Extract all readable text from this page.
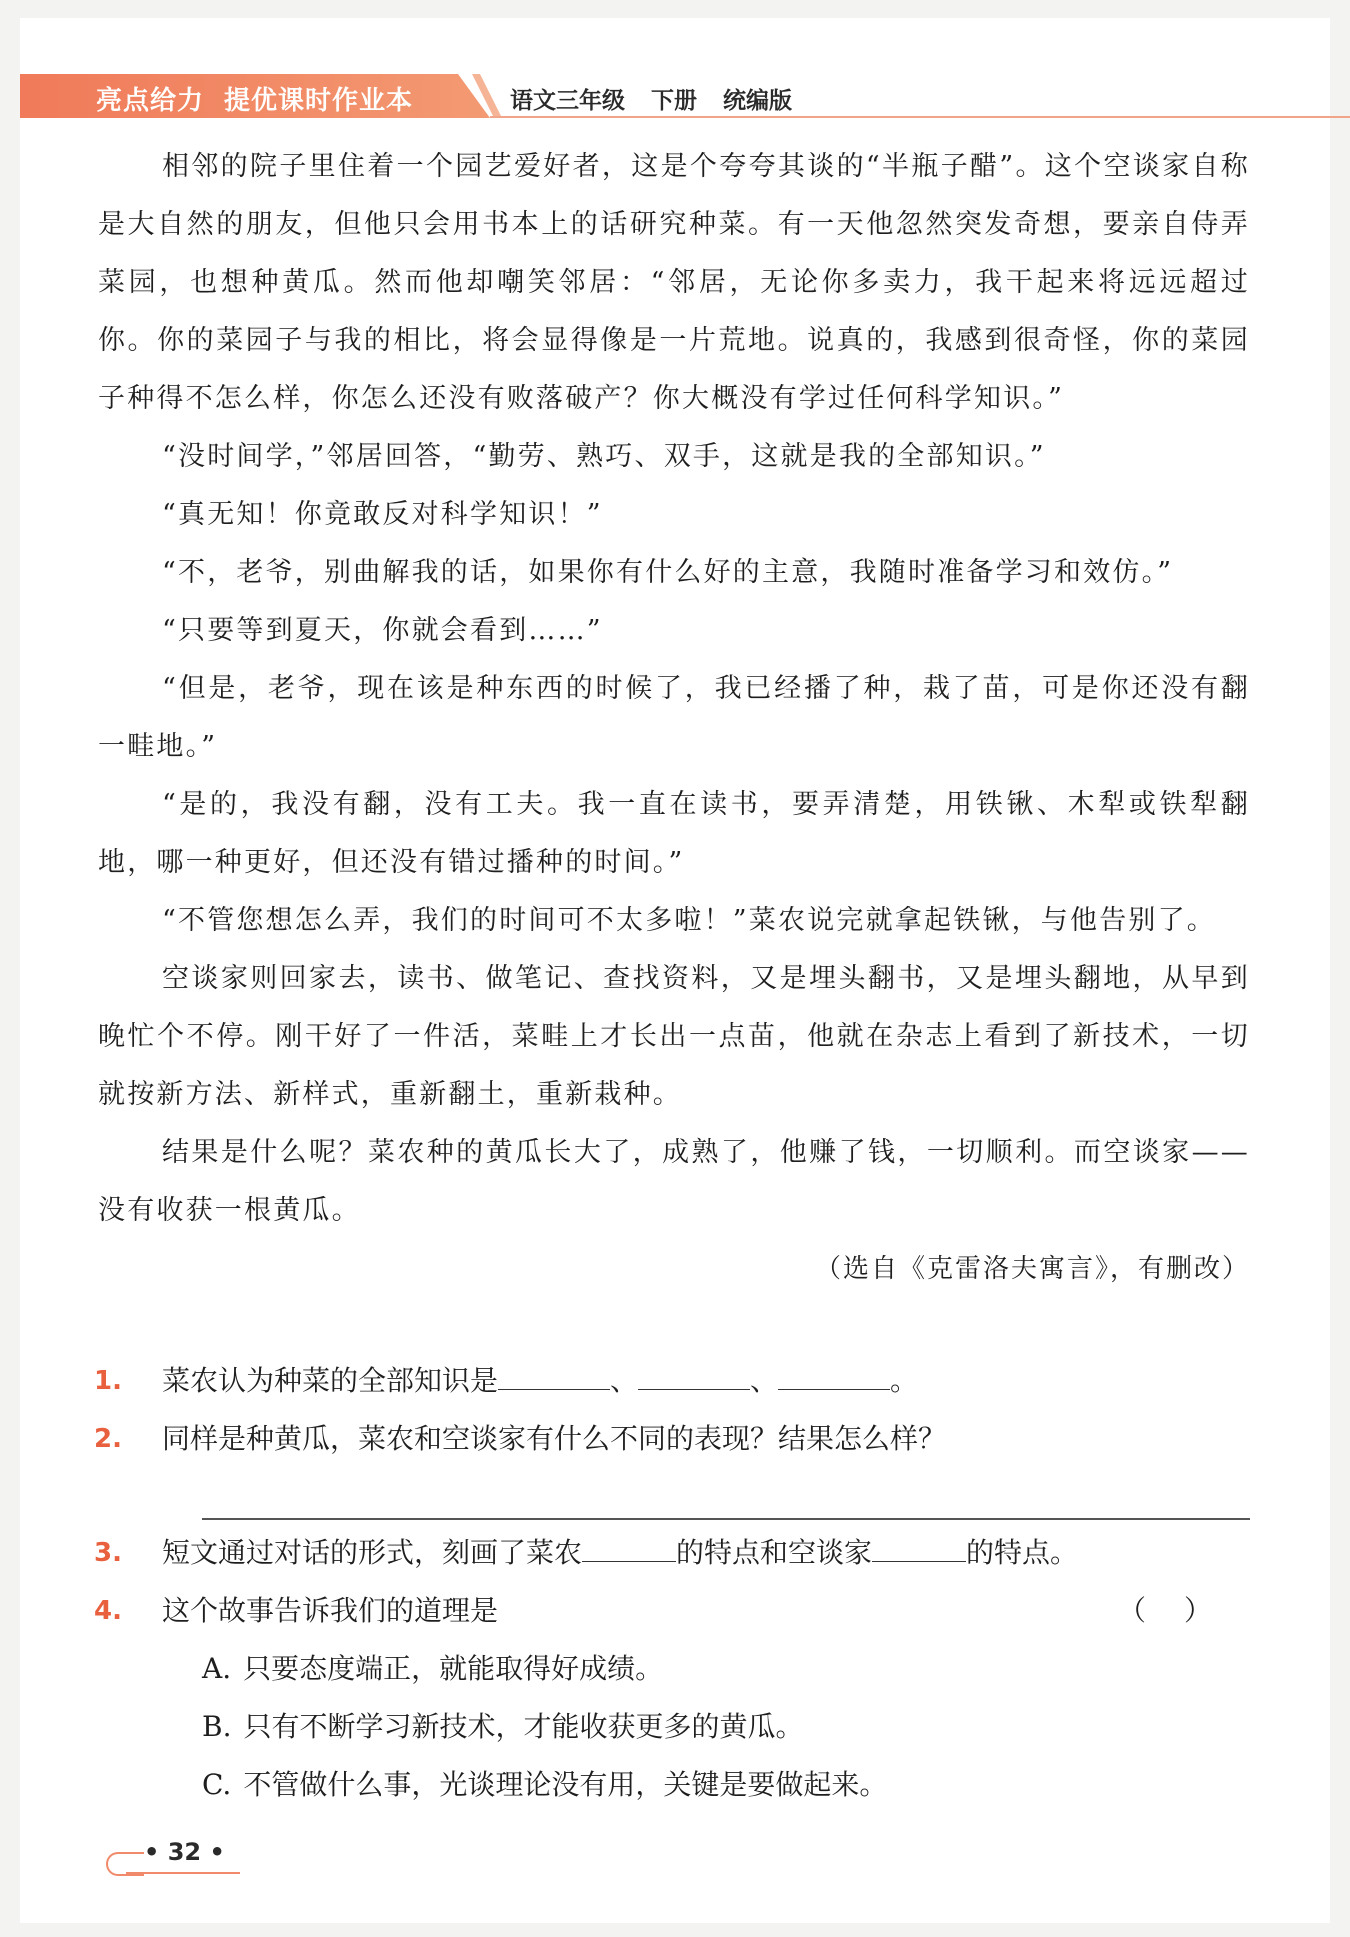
亮点给力 提优课时作业本	语文三年级 下册 统编版

相邻的院子里住着一个园艺爱好者，这是个夸夸其谈的“半瓶子醋”。这个空谈家自称是大自然的朋友，但他只会用书本上的话研究种菜。有一天他忽然突发奇想，要亲自侍弄菜园，也想种黄瓜。然而他却嘲笑邻居：“邻居，无论你多卖力，我干起来将远远超过你。你的菜园子与我的相比，将会显得像是一片荒地。说真的，我感到很奇怪，你的菜园子种得不怎么样，你怎么还没有败落破产？你大概没有学过任何科学知识。”

“没时间学，”邻居回答，“勤劳、熟巧、双手，这就是我的全部知识。”

“真无知！你竟敢反对科学知识！”

“不，老爷，别曲解我的话，如果你有什么好的主意，我随时准备学习和效仿。”

“只要等到夏天，你就会看到……”

“但是，老爷，现在该是种东西的时候了，我已经播了种，栽了苗，可是你还没有翻一畦地。”

“是的，我没有翻，没有工夫。我一直在读书，要弄清楚，用铁锹、木犁或铁犁翻地，哪一种更好，但还没有错过播种的时间。”

“不管您想怎么弄，我们的时间可不太多啦！”菜农说完就拿起铁锹，与他告别了。

空谈家则回家去，读书、做笔记、查找资料，又是埋头翻书，又是埋头翻地，从早到晚忙个不停。刚干好了一件活，菜畦上才长出一点苗，他就在杂志上看到了新技术，一切就按新方法、新样式，重新翻土，重新栽种。

结果是什么呢？菜农种的黄瓜长大了，成熟了，他赚了钱，一切顺利。而空谈家——没有收获一根黄瓜。

（选自《克雷洛夫寓言》，有删改）

1. 菜农认为种菜的全部知识是	、	、	。

2. 同样是种黄瓜，菜农和空谈家有什么不同的表现？结果怎么样？

3. 短文通过对话的形式，刻画了菜农	的特点和空谈家	的特点。

4. 这个故事告诉我们的道理是	（）

A. 只要态度端正，就能取得好成绩。

B. 只有不断学习新技术，才能收获更多的黄瓜。

C. 不管做什么事，光谈理论没有用，关键是要做起来。

• 32 •
